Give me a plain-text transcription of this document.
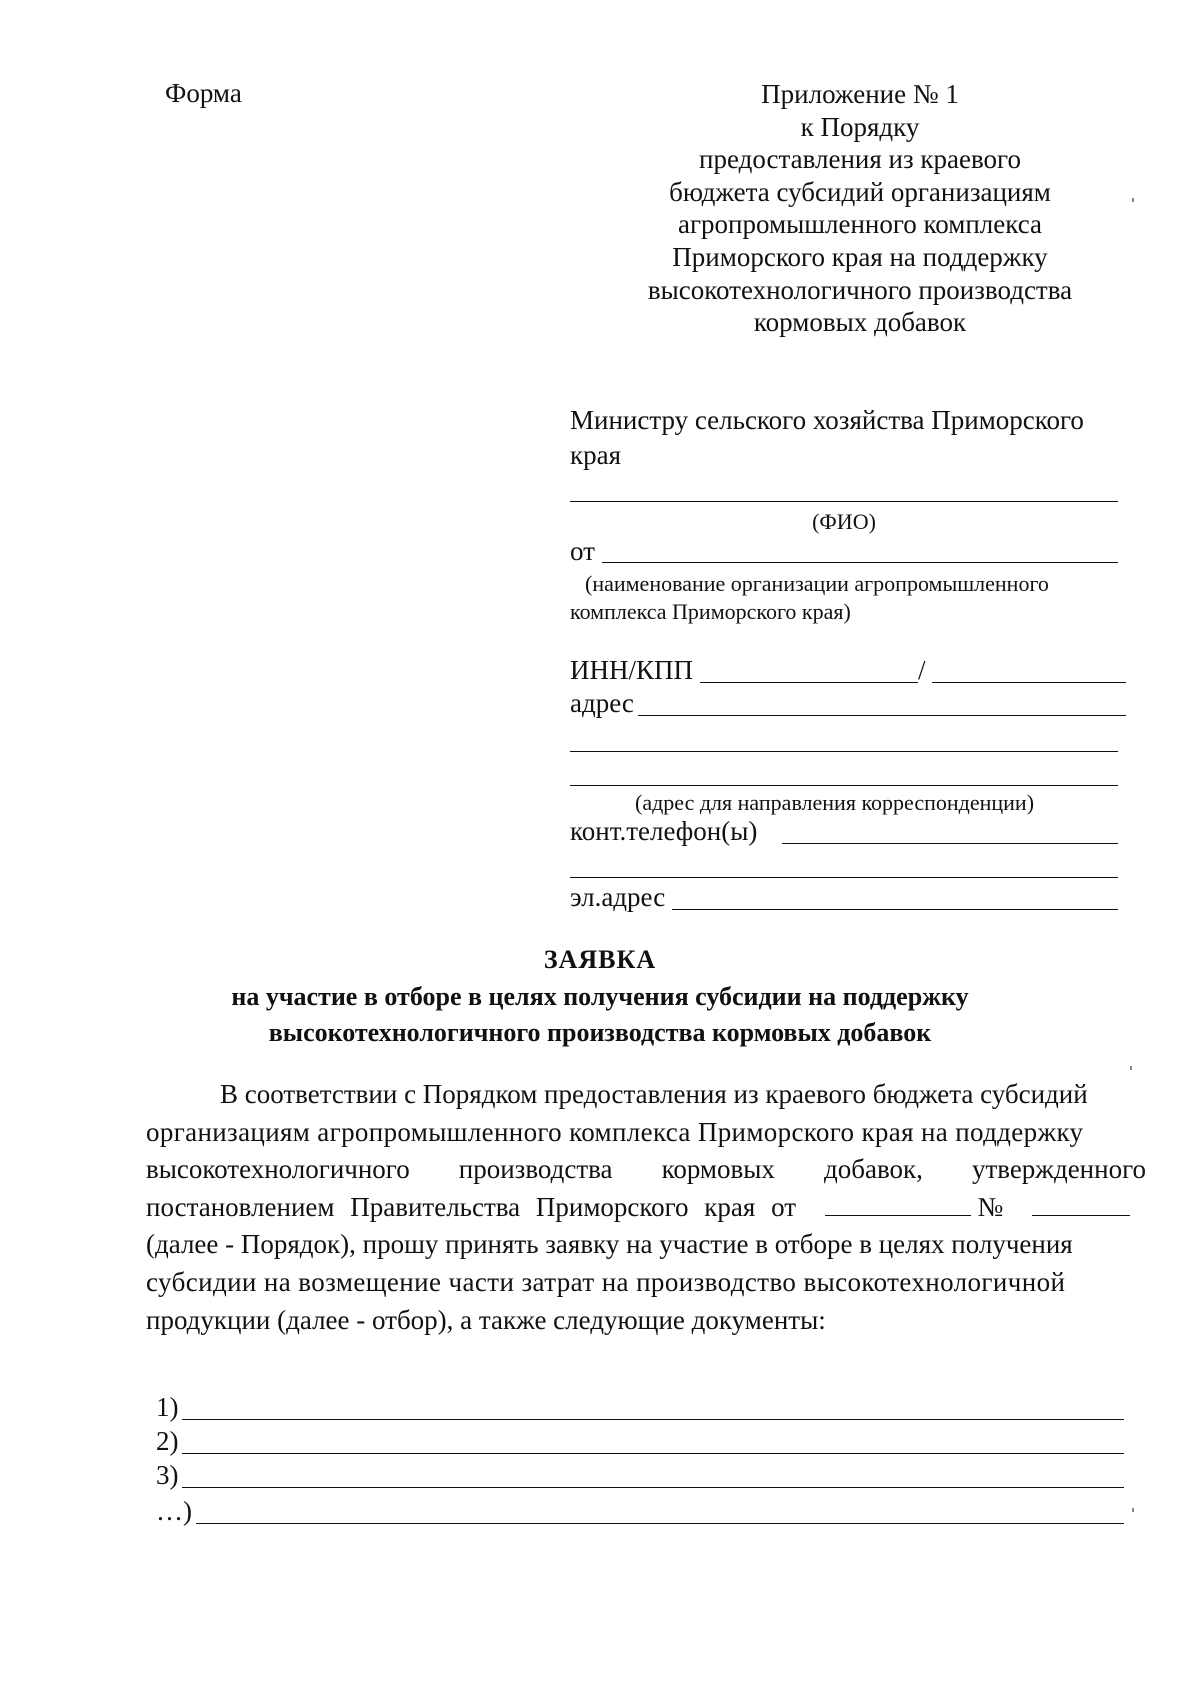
Форма	Приложение № 1
к Порядку
предоставления из краевого
бюджета субсидий организациям
агропромышленного комплекса
Приморского края на поддержку
высокотехнологичного производства
кормовых добавок
Министру сельского хозяйства Приморского
края
(ФИО)
от
(наименование организации агропромышленного
комплекса Приморского края)
ИНН/КПП	/
адрес
(адрес для направления корреспонденции)
конт.телефон(ы)
эл.адрес
ЗАЯВКА
на участие в отборе в целях получения субсидии на поддержку
высокотехнологичного производства кормовых добавок
В соответствии с Порядком предоставления из краевого бюджета субсидий
организациям агропромышленного комплекса Приморского края на поддержку
высокотехнологичного производства кормовых добавок, утвержденного
постановлением Правительства Приморского края от	№
(далее - Порядок), прошу принять заявку на участие в отборе в целях получения
субсидии на возмещение части затрат на производство высокотехнологичной
продукции (далее - отбор), а также следующие документы:
1)
2)
3)
…)
